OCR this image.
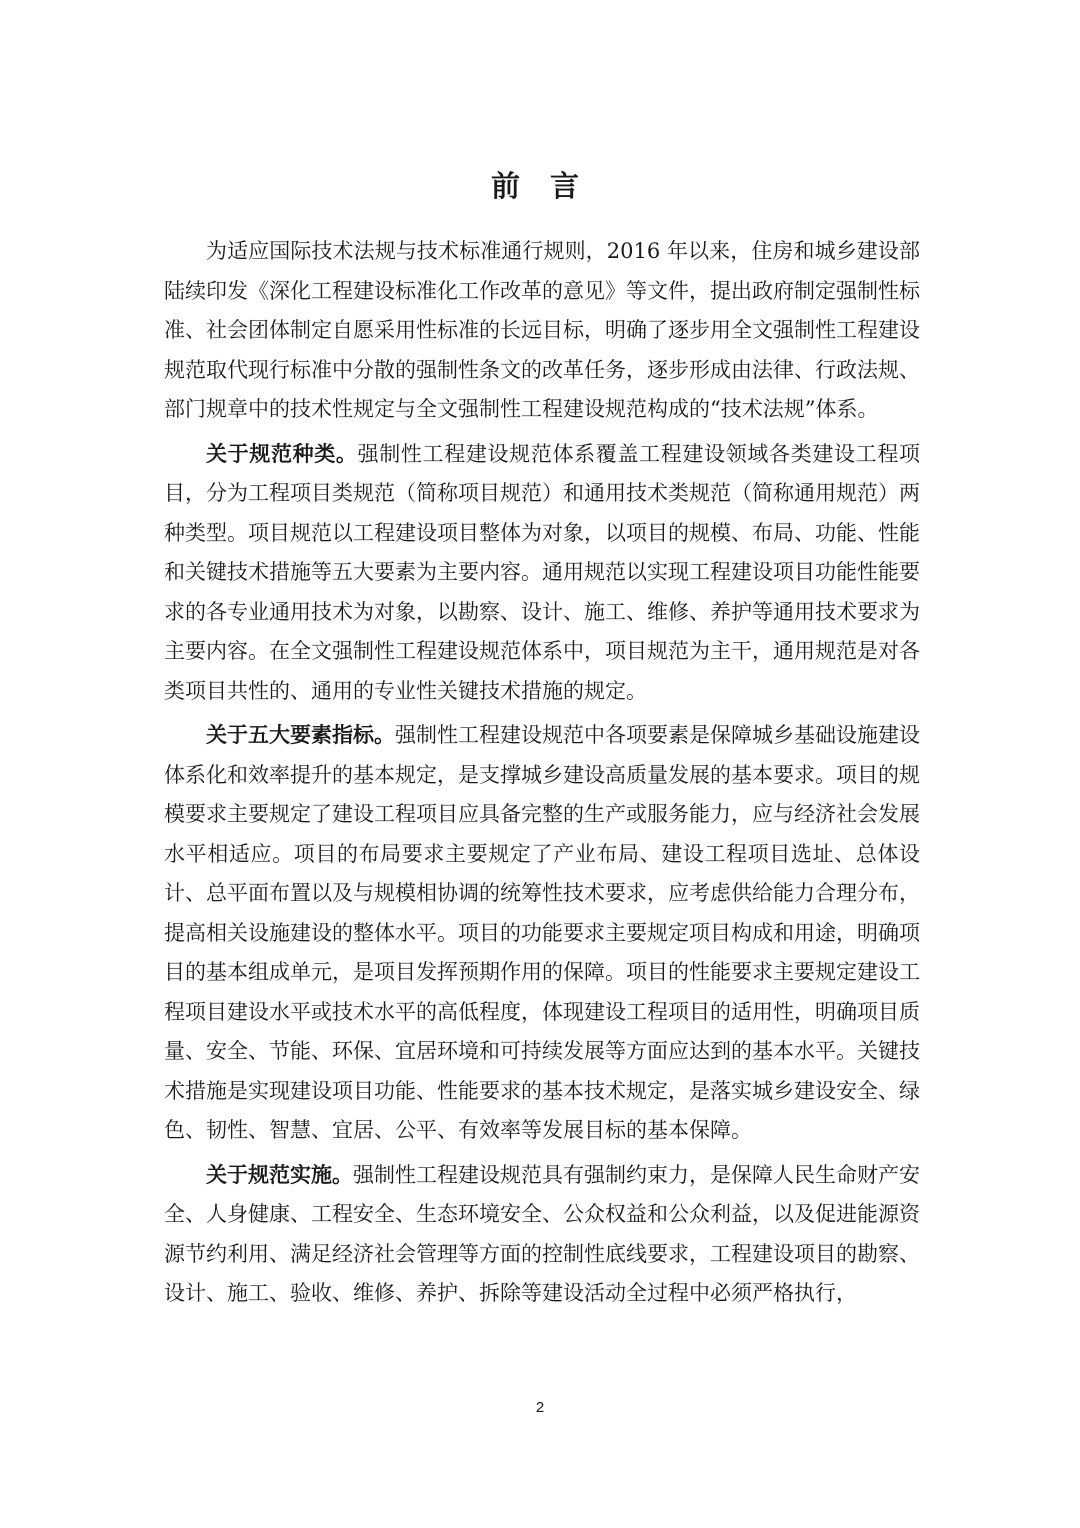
前 言

为适应国际技术法规与技术标准通行规则，2016 年以来，住房和城乡建设部陆续印发《深化工程建设标准化工作改革的意见》等文件，提出政府制定强制性标准、社会团体制定自愿采用性标准的长远目标，明确了逐步用全文强制性工程建设规范取代现行标准中分散的强制性条文的改革任务，逐步形成由法律、行政法规、部门规章中的技术性规定与全文强制性工程建设规范构成的“技术法规”体系。

关于规范种类。强制性工程建设规范体系覆盖工程建设领域各类建设工程项目，分为工程项目类规范（简称项目规范）和通用技术类规范（简称通用规范）两种类型。项目规范以工程建设项目整体为对象，以项目的规模、布局、功能、性能和关键技术措施等五大要素为主要内容。通用规范以实现工程建设项目功能性能要求的各专业通用技术为对象，以勘察、设计、施工、维修、养护等通用技术要求为主要内容。在全文强制性工程建设规范体系中，项目规范为主干，通用规范是对各类项目共性的、通用的专业性关键技术措施的规定。

关于五大要素指标。强制性工程建设规范中各项要素是保障城乡基础设施建设体系化和效率提升的基本规定，是支撑城乡建设高质量发展的基本要求。项目的规模要求主要规定了建设工程项目应具备完整的生产或服务能力，应与经济社会发展水平相适应。项目的布局要求主要规定了产业布局、建设工程项目选址、总体设计、总平面布置以及与规模相协调的统筹性技术要求，应考虑供给能力合理分布，提高相关设施建设的整体水平。项目的功能要求主要规定项目构成和用途，明确项目的基本组成单元，是项目发挥预期作用的保障。项目的性能要求主要规定建设工程项目建设水平或技术水平的高低程度，体现建设工程项目的适用性，明确项目质量、安全、节能、环保、宜居环境和可持续发展等方面应达到的基本水平。关键技术措施是实现建设项目功能、性能要求的基本技术规定，是落实城乡建设安全、绿色、韧性、智慧、宜居、公平、有效率等发展目标的基本保障。

关于规范实施。强制性工程建设规范具有强制约束力，是保障人民生命财产安全、人身健康、工程安全、生态环境安全、公众权益和公众利益，以及促进能源资源节约利用、满足经济社会管理等方面的控制性底线要求，工程建设项目的勘察、设计、施工、验收、维修、养护、拆除等建设活动全过程中必须严格执行，

2
